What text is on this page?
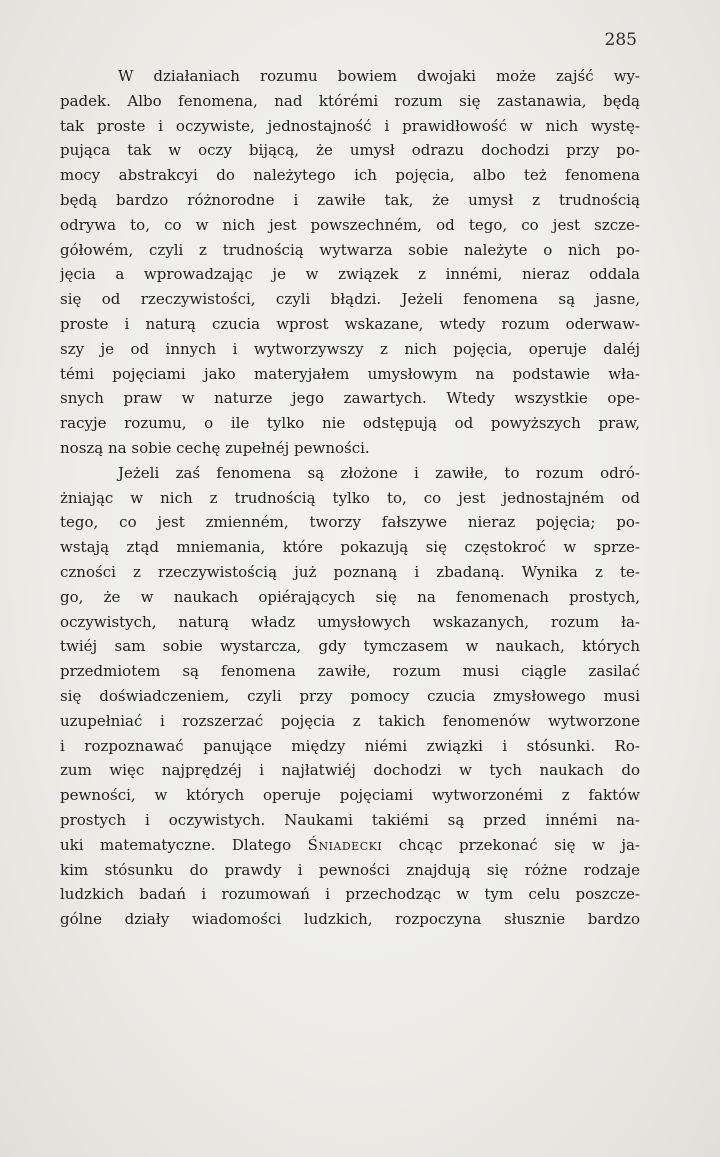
285
W działaniach rozumu bowiem dwojaki może zajść wy-
padek. Albo fenomena, nad którémi rozum się zastanawia, będą
tak proste i oczywiste, jednostajność i prawidłowość w nich wystę-
pująca tak w oczy bijącą, że umysł odrazu dochodzi przy po-
mocy abstrakcyi do należytego ich pojęcia, albo też fenomena
będą bardzo różnorodne i zawiłe tak, że umysł z trudnością
odrywa to, co w nich jest powszechném, od tego, co jest szcze-
gółowém, czyli z trudnością wytwarza sobie należyte o nich po-
jęcia a wprowadzając je w związek z innémi, nieraz oddala
się od rzeczywistości, czyli błądzi. Jeżeli fenomena są jasne,
proste i naturą czucia wprost wskazane, wtedy rozum oderwaw-
szy je od innych i wytworzywszy z nich pojęcia, operuje daléj
témi pojęciami jako materyjałem umysłowym na podstawie wła-
snych praw w naturze jego zawartych. Wtedy wszystkie ope-
racyje rozumu, o ile tylko nie odstępują od powyższych praw,
noszą na sobie cechę zupełnéj pewności.
Jeżeli zaś fenomena są złożone i zawiłe, to rozum odró-
żniając w nich z trudnością tylko to, co jest jednostajném od
tego, co jest zmienném, tworzy fałszywe nieraz pojęcia; po-
wstają ztąd mniemania, które pokazują się częstokroć w sprze-
czności z rzeczywistością już poznaną i zbadaną. Wynika z te-
go, że w naukach opiérających się na fenomenach prostych,
oczywistych, naturą władz umysłowych wskazanych, rozum ła-
twiéj sam sobie wystarcza, gdy tymczasem w naukach, których
przedmiotem są fenomena zawiłe, rozum musi ciągle zasilać
się doświadczeniem, czyli przy pomocy czucia zmysłowego musi
uzupełniać i rozszerzać pojęcia z takich fenomenów wytworzone
i rozpoznawać panujące między niémi związki i stósunki. Ro-
zum więc najprędzéj i najłatwiéj dochodzi w tych naukach do
pewności, w których operuje pojęciami wytworzonémi z faktów
prostych i oczywistych. Naukami takiémi są przed innémi na-
uki matematyczne. Dlatego Śniadecki chcąc przekonać się w ja-
kim stósunku do prawdy i pewności znajdują się różne rodzaje
ludzkich badań i rozumowań i przechodząc w tym celu poszcze-
gólne działy wiadomości ludzkich, rozpoczyna słusznie bardzo
